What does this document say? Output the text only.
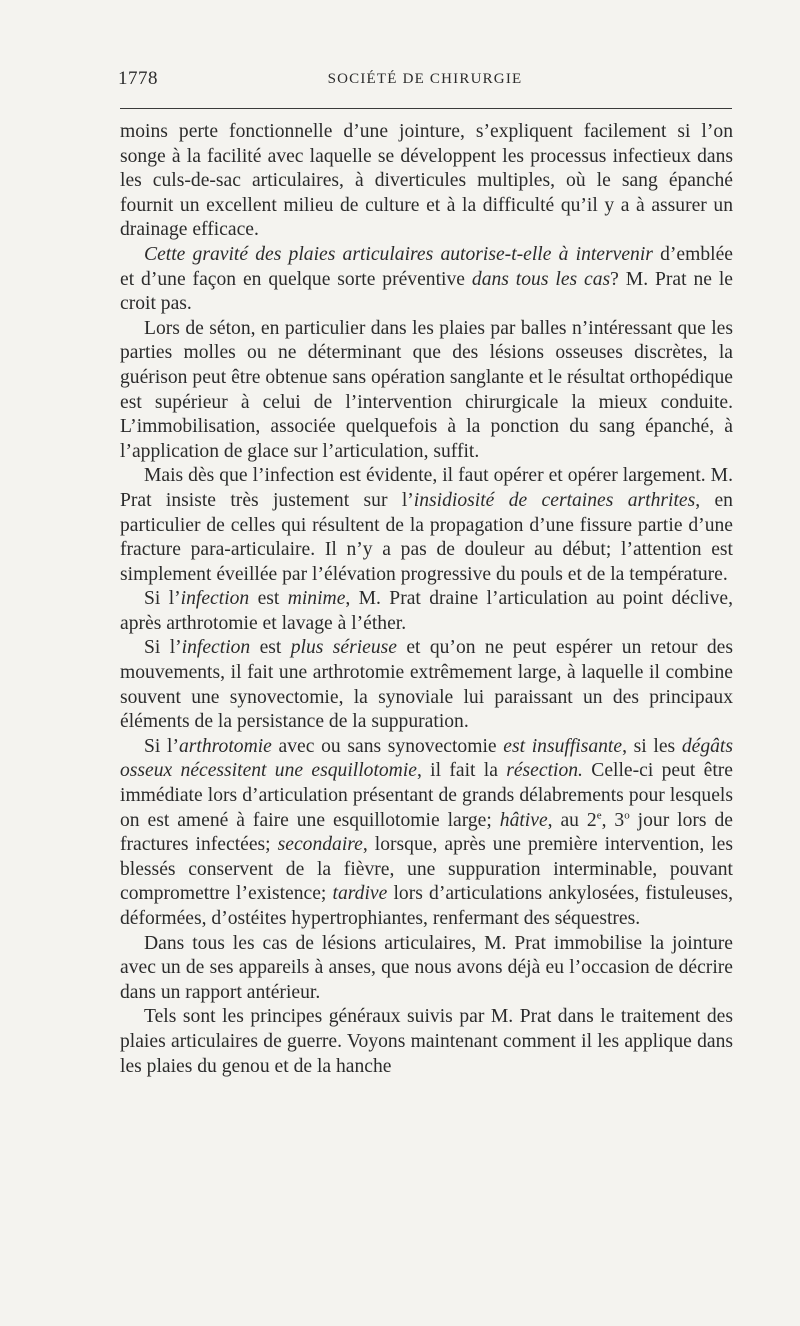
1778	SOCIÉTÉ DE CHIRURGIE

moins perte fonctionnelle d’une jointure, s’expliquent facilement si l’on songe à la facilité avec laquelle se développent les processus infectieux dans les culs-de-sac articulaires, à diverticules multiples, où le sang épanché fournit un excellent milieu de culture et à la difficulté qu’il y a à assurer un drainage efficace.

Cette gravité des plaies articulaires autorise-t-elle à intervenir d’emblée et d’une façon en quelque sorte préventive dans tous les cas? M. Prat ne le croit pas.

Lors de séton, en particulier dans les plaies par balles n’intéressant que les parties molles ou ne déterminant que des lésions osseuses discrètes, la guérison peut être obtenue sans opération sanglante et le résultat orthopédique est supérieur à celui de l’intervention chirurgicale la mieux conduite. L’immobilisation, associée quelquefois à la ponction du sang épanché, à l’application de glace sur l’articulation, suffit.

Mais dès que l’infection est évidente, il faut opérer et opérer largement. M. Prat insiste très justement sur l’insidiosité de certaines arthrites, en particulier de celles qui résultent de la propagation d’une fissure partie d’une fracture para-articulaire. Il n’y a pas de douleur au début; l’attention est simplement éveillée par l’élévation progressive du pouls et de la température.

Si l’infection est minime, M. Prat draine l’articulation au point déclive, après arthrotomie et lavage à l’éther.

Si l’infection est plus sérieuse et qu’on ne peut espérer un retour des mouvements, il fait une arthrotomie extrêmement large, à laquelle il combine souvent une synovectomie, la synoviale lui paraissant un des principaux éléments de la persistance de la suppuration.

Si l’arthrotomie avec ou sans synovectomie est insuffisante, si les dégâts osseux nécessitent une esquillotomie, il fait la résection. Celle-ci peut être immédiate lors d’articulation présentant de grands délabrements pour lesquels on est amené à faire une esquillotomie large; hâtive, au 2e, 3$^o$ jour lors de fractures infectées; secondaire, lorsque, après une première intervention, les blessés conservent de la fièvre, une suppuration interminable, pouvant compromettre l’existence; tardive lors d’articulations ankylosées, fistuleuses, déformées, d’ostéites hypertrophiantes, renfermant des séquestres.

Dans tous les cas de lésions articulaires, M. Prat immobilise la jointure avec un de ses appareils à anses, que nous avons déjà eu l’occasion de décrire dans un rapport antérieur.

Tels sont les principes généraux suivis par M. Prat dans le traitement des plaies articulaires de guerre. Voyons maintenant comment il les applique dans les plaies du genou et de la hanche
